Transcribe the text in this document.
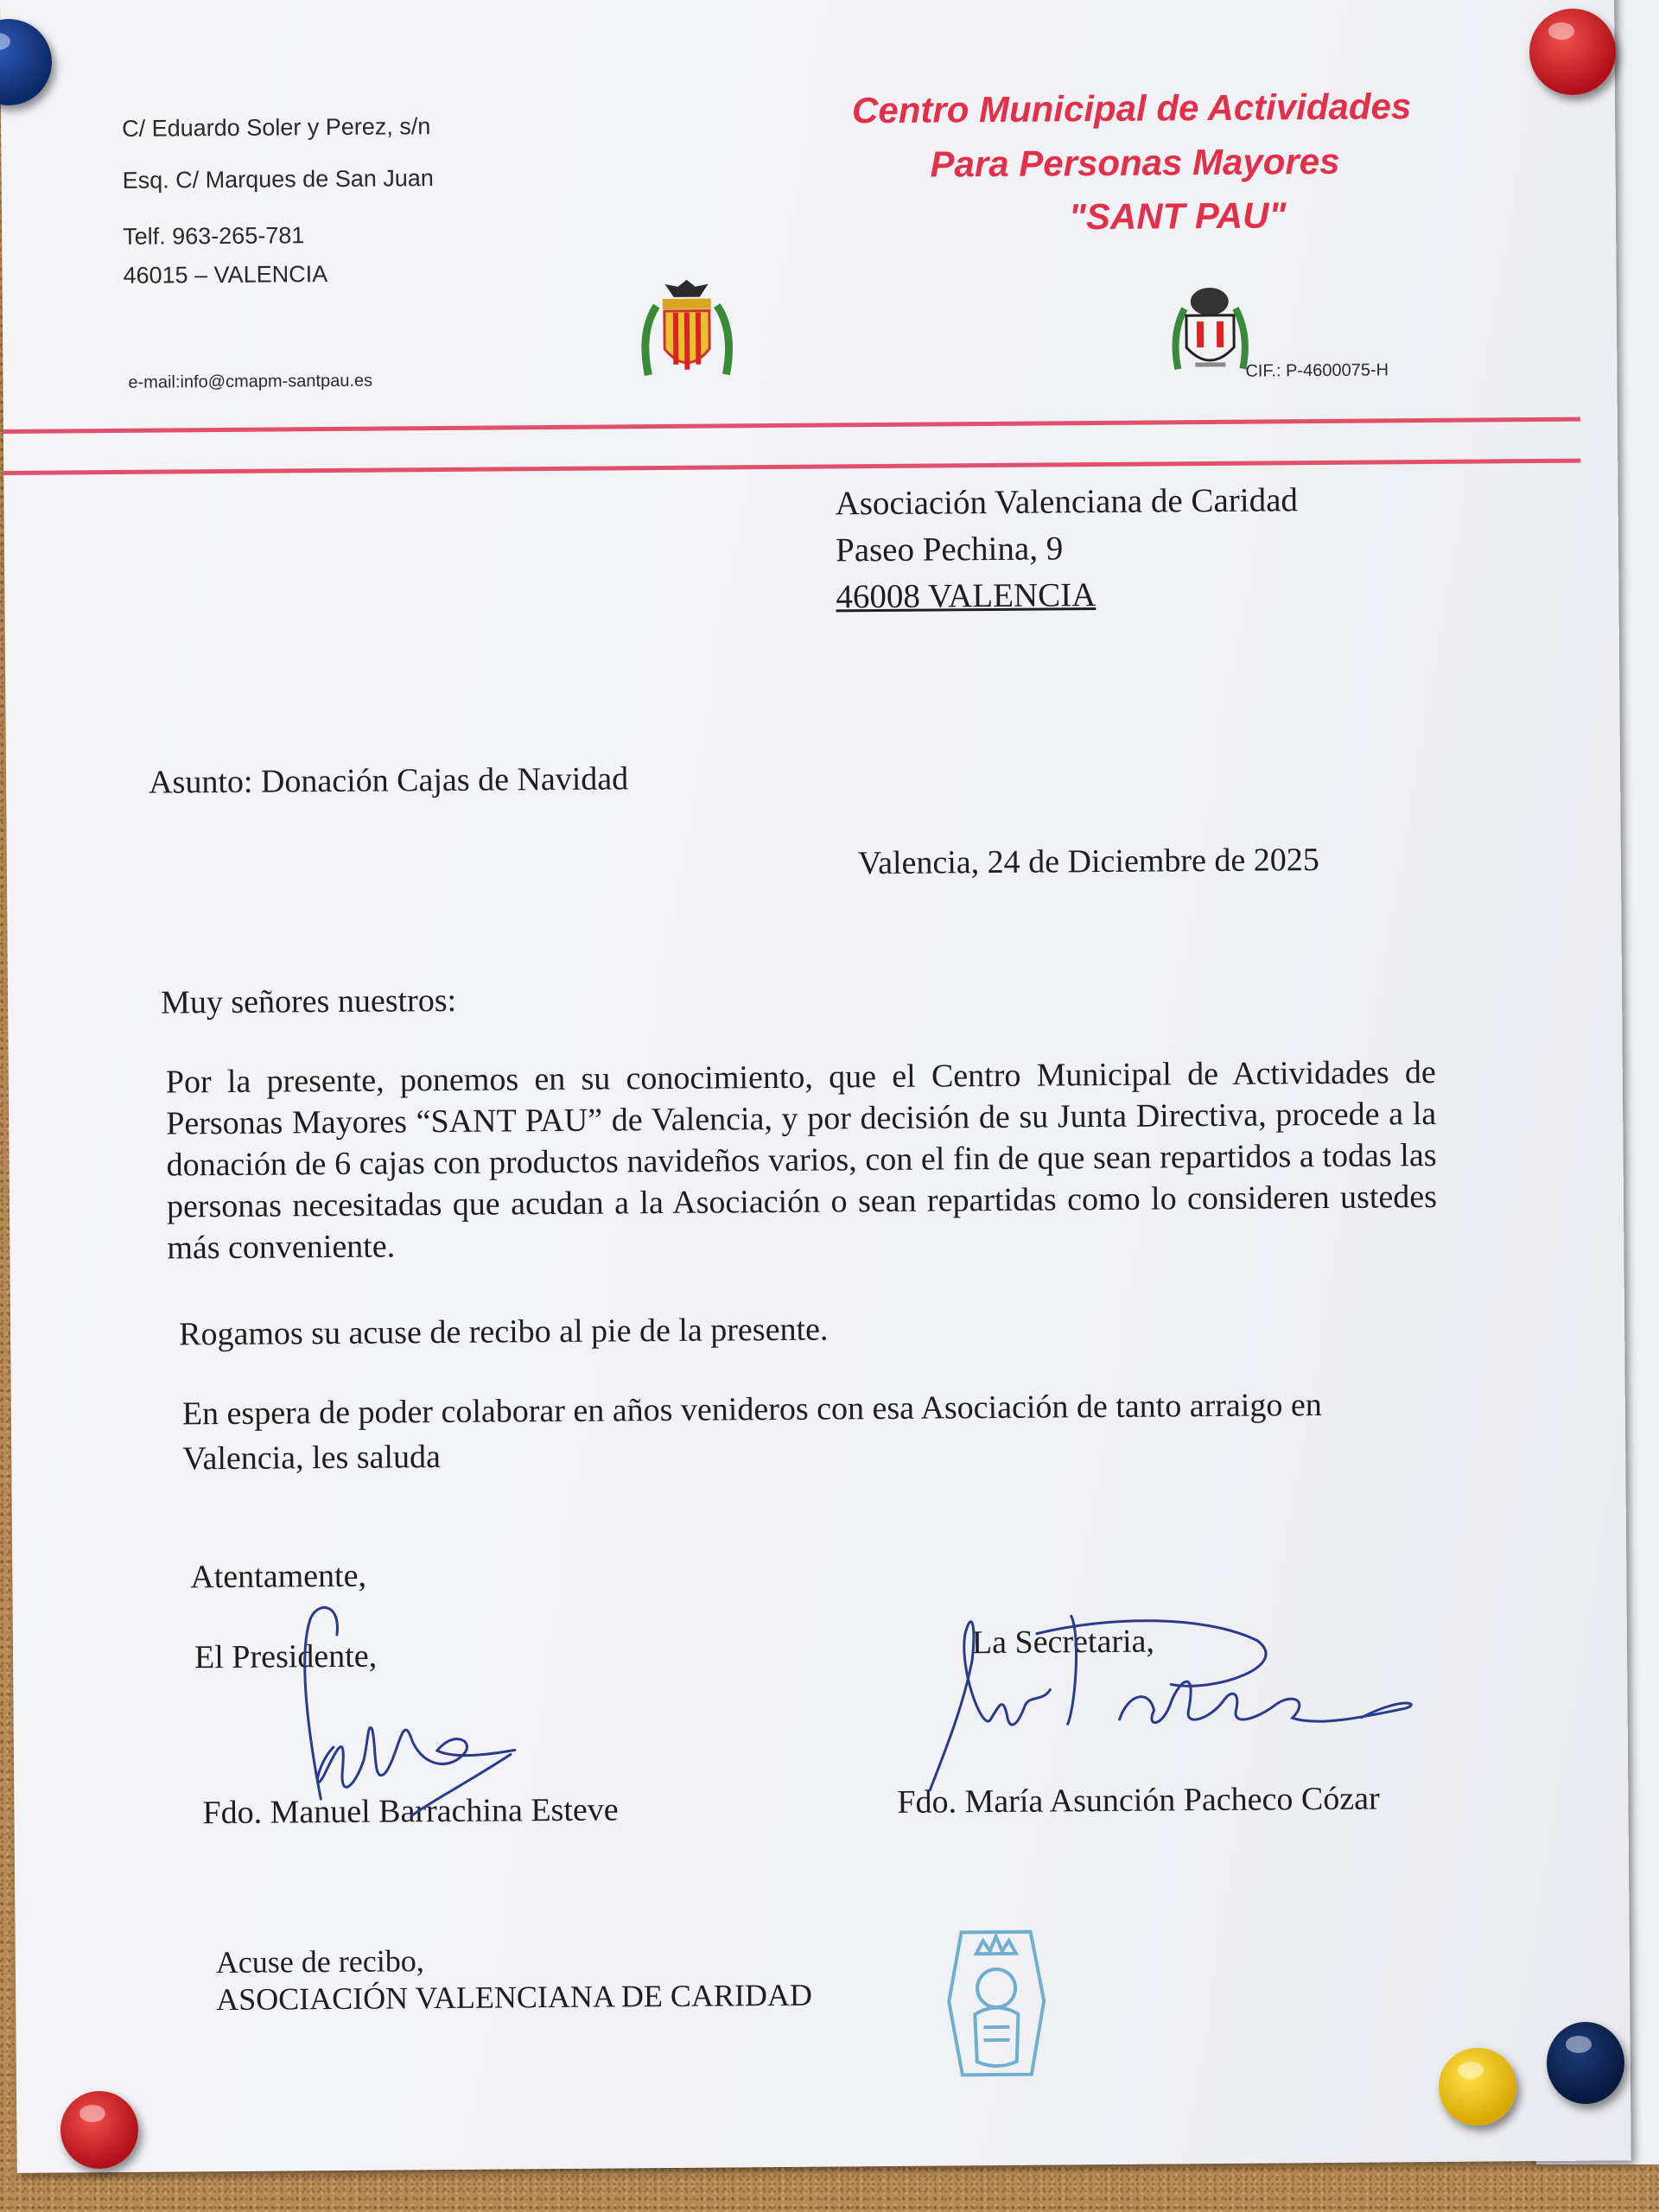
C/ Eduardo Soler y Perez, s/n
Esq. C/ Marques de San Juan
Telf. 963-265-781
46015 – VALENCIA
e-mail:info@cmapm-santpau.es
Centro Municipal de Actividades
Para Personas Mayores
"SANT PAU"
CIF.: P-4600075-H
Asociación Valenciana de Caridad
Paseo Pechina, 9
46008 VALENCIA
Asunto: Donación Cajas de Navidad
Valencia, 24 de Diciembre de 2025
Muy señores nuestros:
Por la presente, ponemos en su conocimiento, que el Centro Municipal de Actividades de Personas Mayores “SANT PAU” de Valencia, y por decisión de su Junta Directiva, procede a la donación de 6 cajas con productos navideños varios, con el fin de que sean repartidos a todas las personas necesitadas que acudan a la Asociación o sean repartidas como lo consideren ustedes más conveniente.
Rogamos su acuse de recibo al pie de la presente.
En espera de poder colaborar en años venideros con esa Asociación de tanto arraigo en Valencia, les saluda
Atentamente,
El Presidente,	La Secretaria,
Fdo. Manuel Barrachina Esteve	Fdo. María Asunción Pacheco Cózar
Acuse de recibo,
ASOCIACIÓN VALENCIANA DE CARIDAD
